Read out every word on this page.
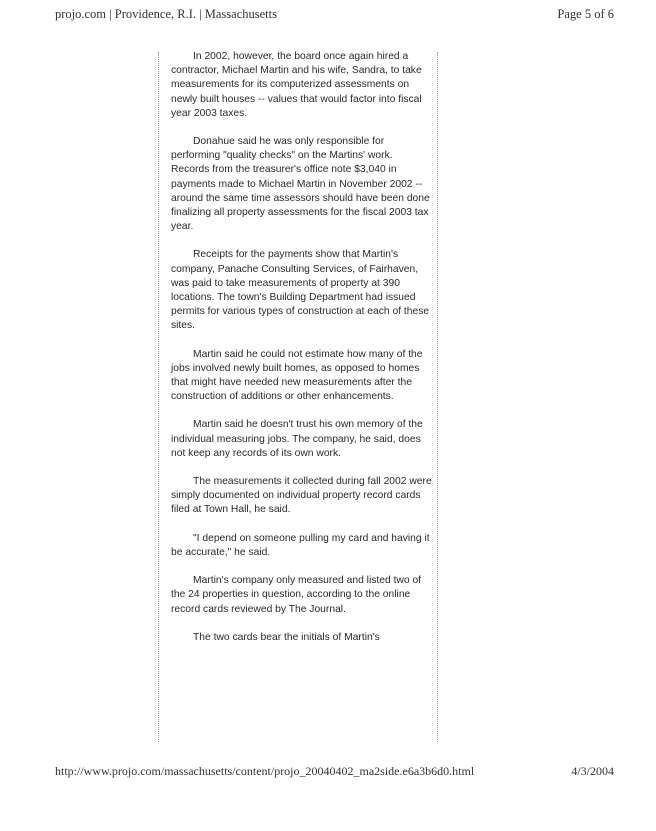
projo.com | Providence, R.I. | Massachusetts	Page 5 of 6

In 2002, however, the board once again hired a contractor, Michael Martin and his wife, Sandra, to take measurements for its computerized assessments on newly built houses -- values that would factor into fiscal year 2003 taxes.

Donahue said he was only responsible for performing "quality checks" on the Martins' work. Records from the treasurer's office note $3,040 in payments made to Michael Martin in November 2002 -- around the same time assessors should have been done finalizing all property assessments for the fiscal 2003 tax year.

Receipts for the payments show that Martin's company, Panache Consulting Services, of Fairhaven, was paid to take measurements of property at 390 locations. The town's Building Department had issued permits for various types of construction at each of these sites.

Martin said he could not estimate how many of the jobs involved newly built homes, as opposed to homes that might have needed new measurements after the construction of additions or other enhancements.

Martin said he doesn't trust his own memory of the individual measuring jobs. The company, he said, does not keep any records of its own work.

The measurements it collected during fall 2002 were simply documented on individual property record cards filed at Town Hall, he said.

"I depend on someone pulling my card and having it be accurate," he said.

Martin's company only measured and listed two of the 24 properties in question, according to the online record cards reviewed by The Journal.

The two cards bear the initials of Martin's

http://www.projo.com/massachusetts/content/projo_20040402_ma2side.e6a3b6d0.html	4/3/2004
